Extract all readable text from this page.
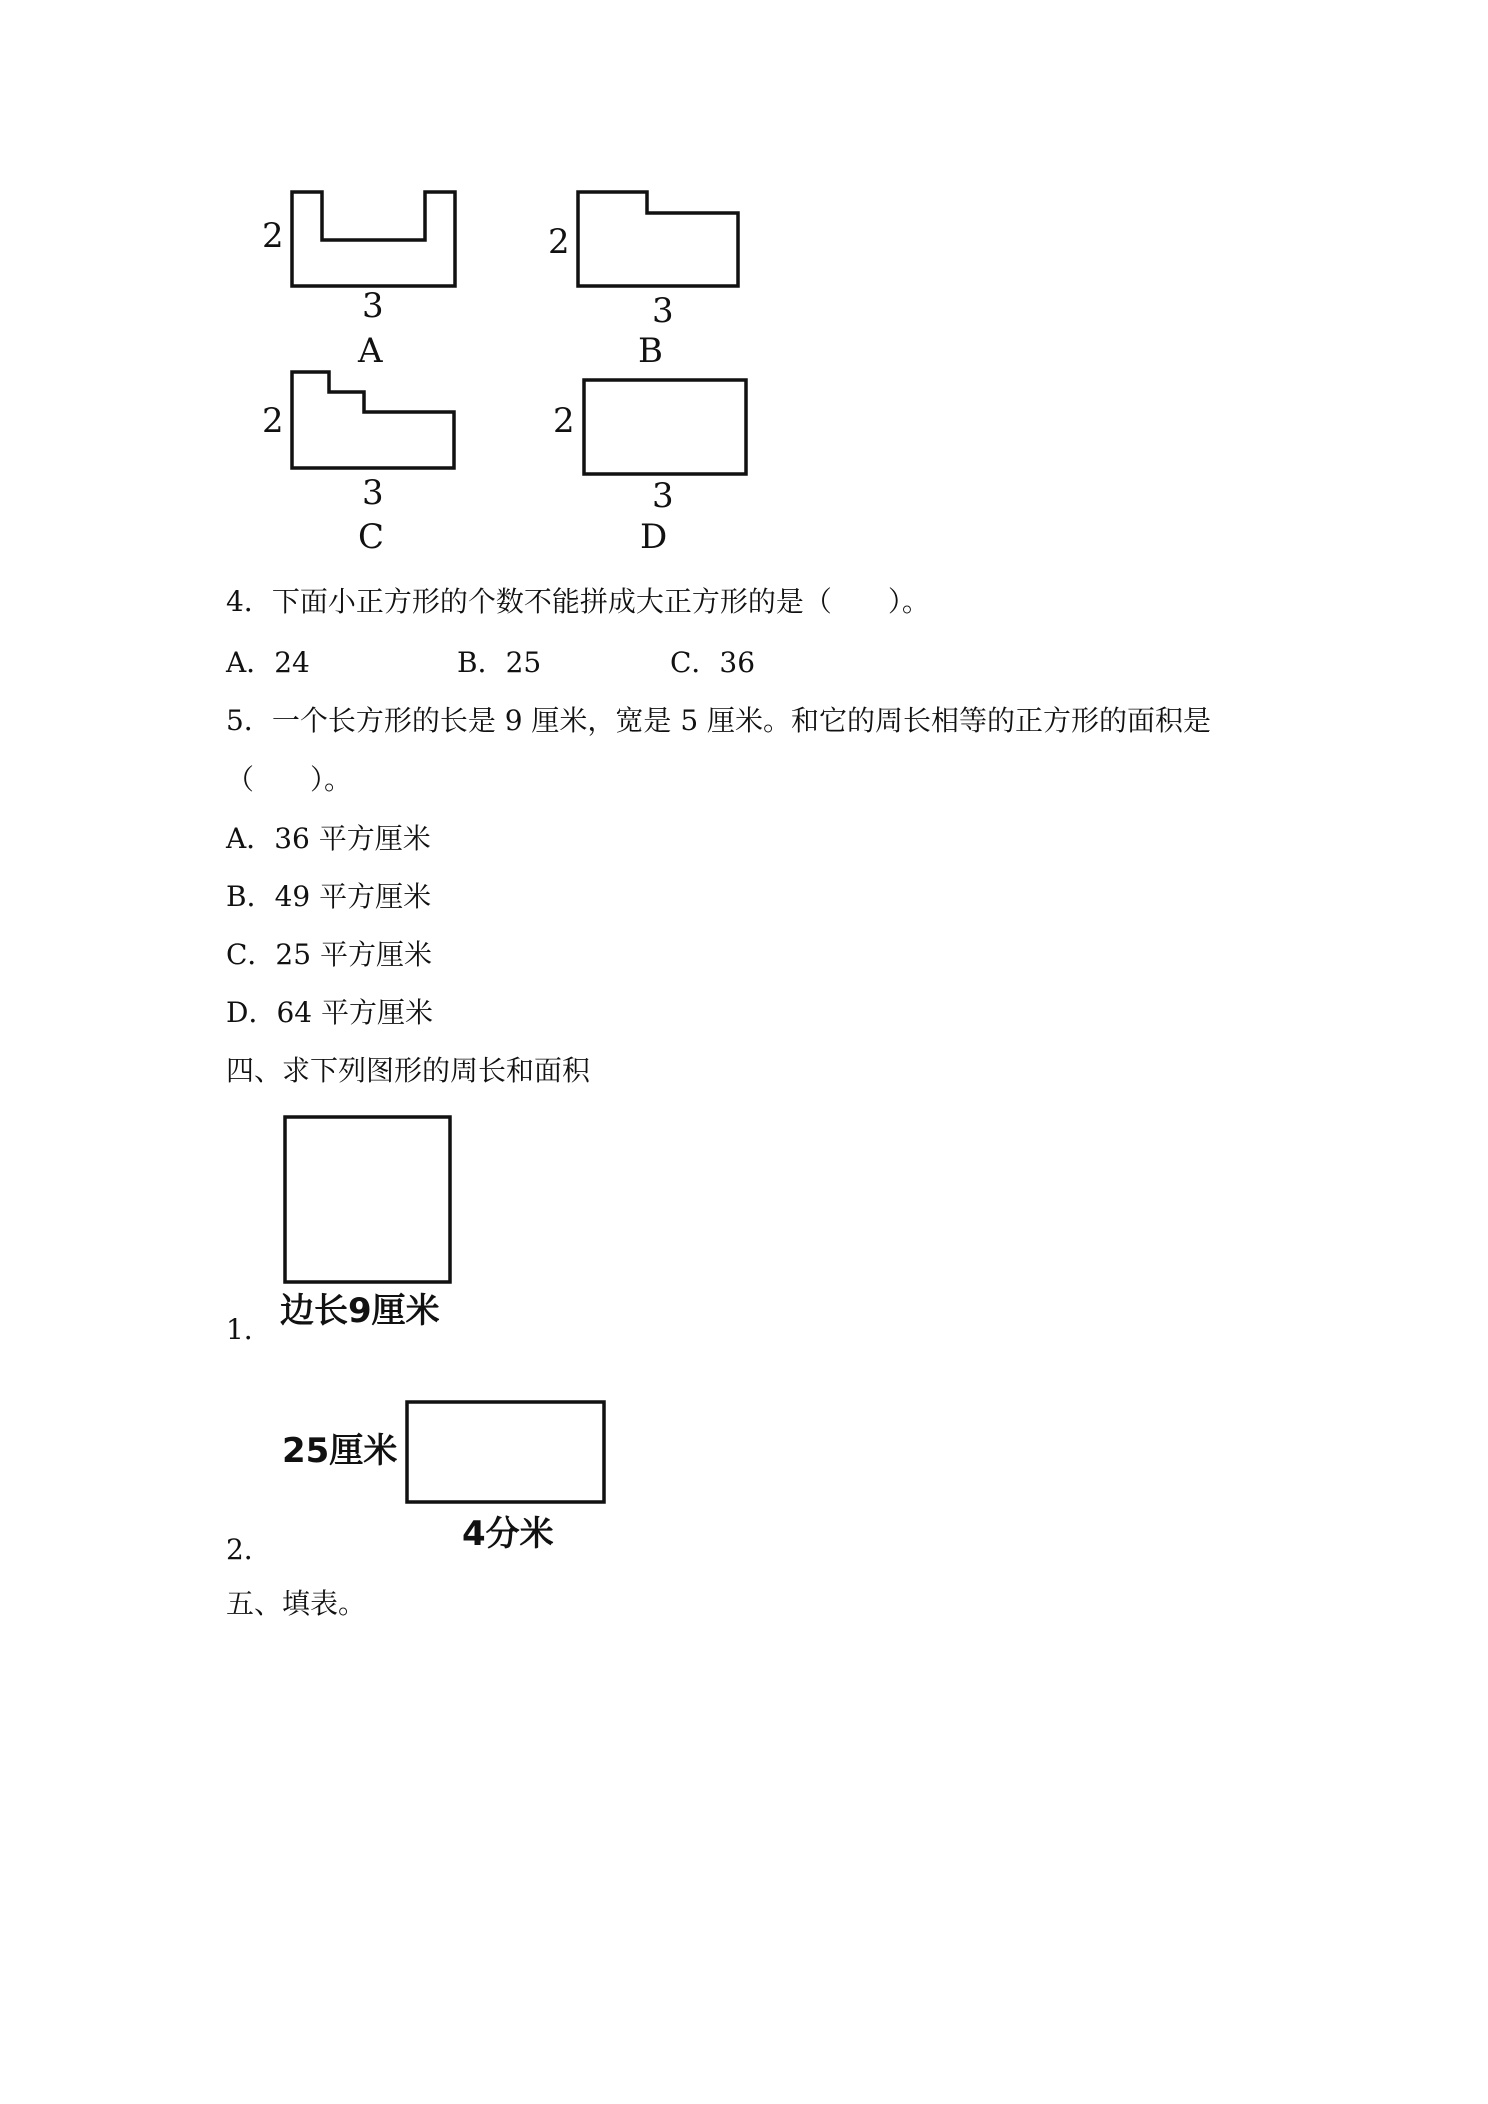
2
3
A
2
3
B
2
3
C
2
3
D
4．下面小正方形的个数不能拼成大正方形的是（　　）。
A．24	B．25	C．36
5．一个长方形的长是 9 厘米，宽是 5 厘米。和它的周长相等的正方形的面积是
（　　）。
A．36 平方厘米
B．49 平方厘米
C．25 平方厘米
D．64 平方厘米
四、求下列图形的周长和面积
边长9厘米
25厘米
4分米
1．
2．
五、填表。
